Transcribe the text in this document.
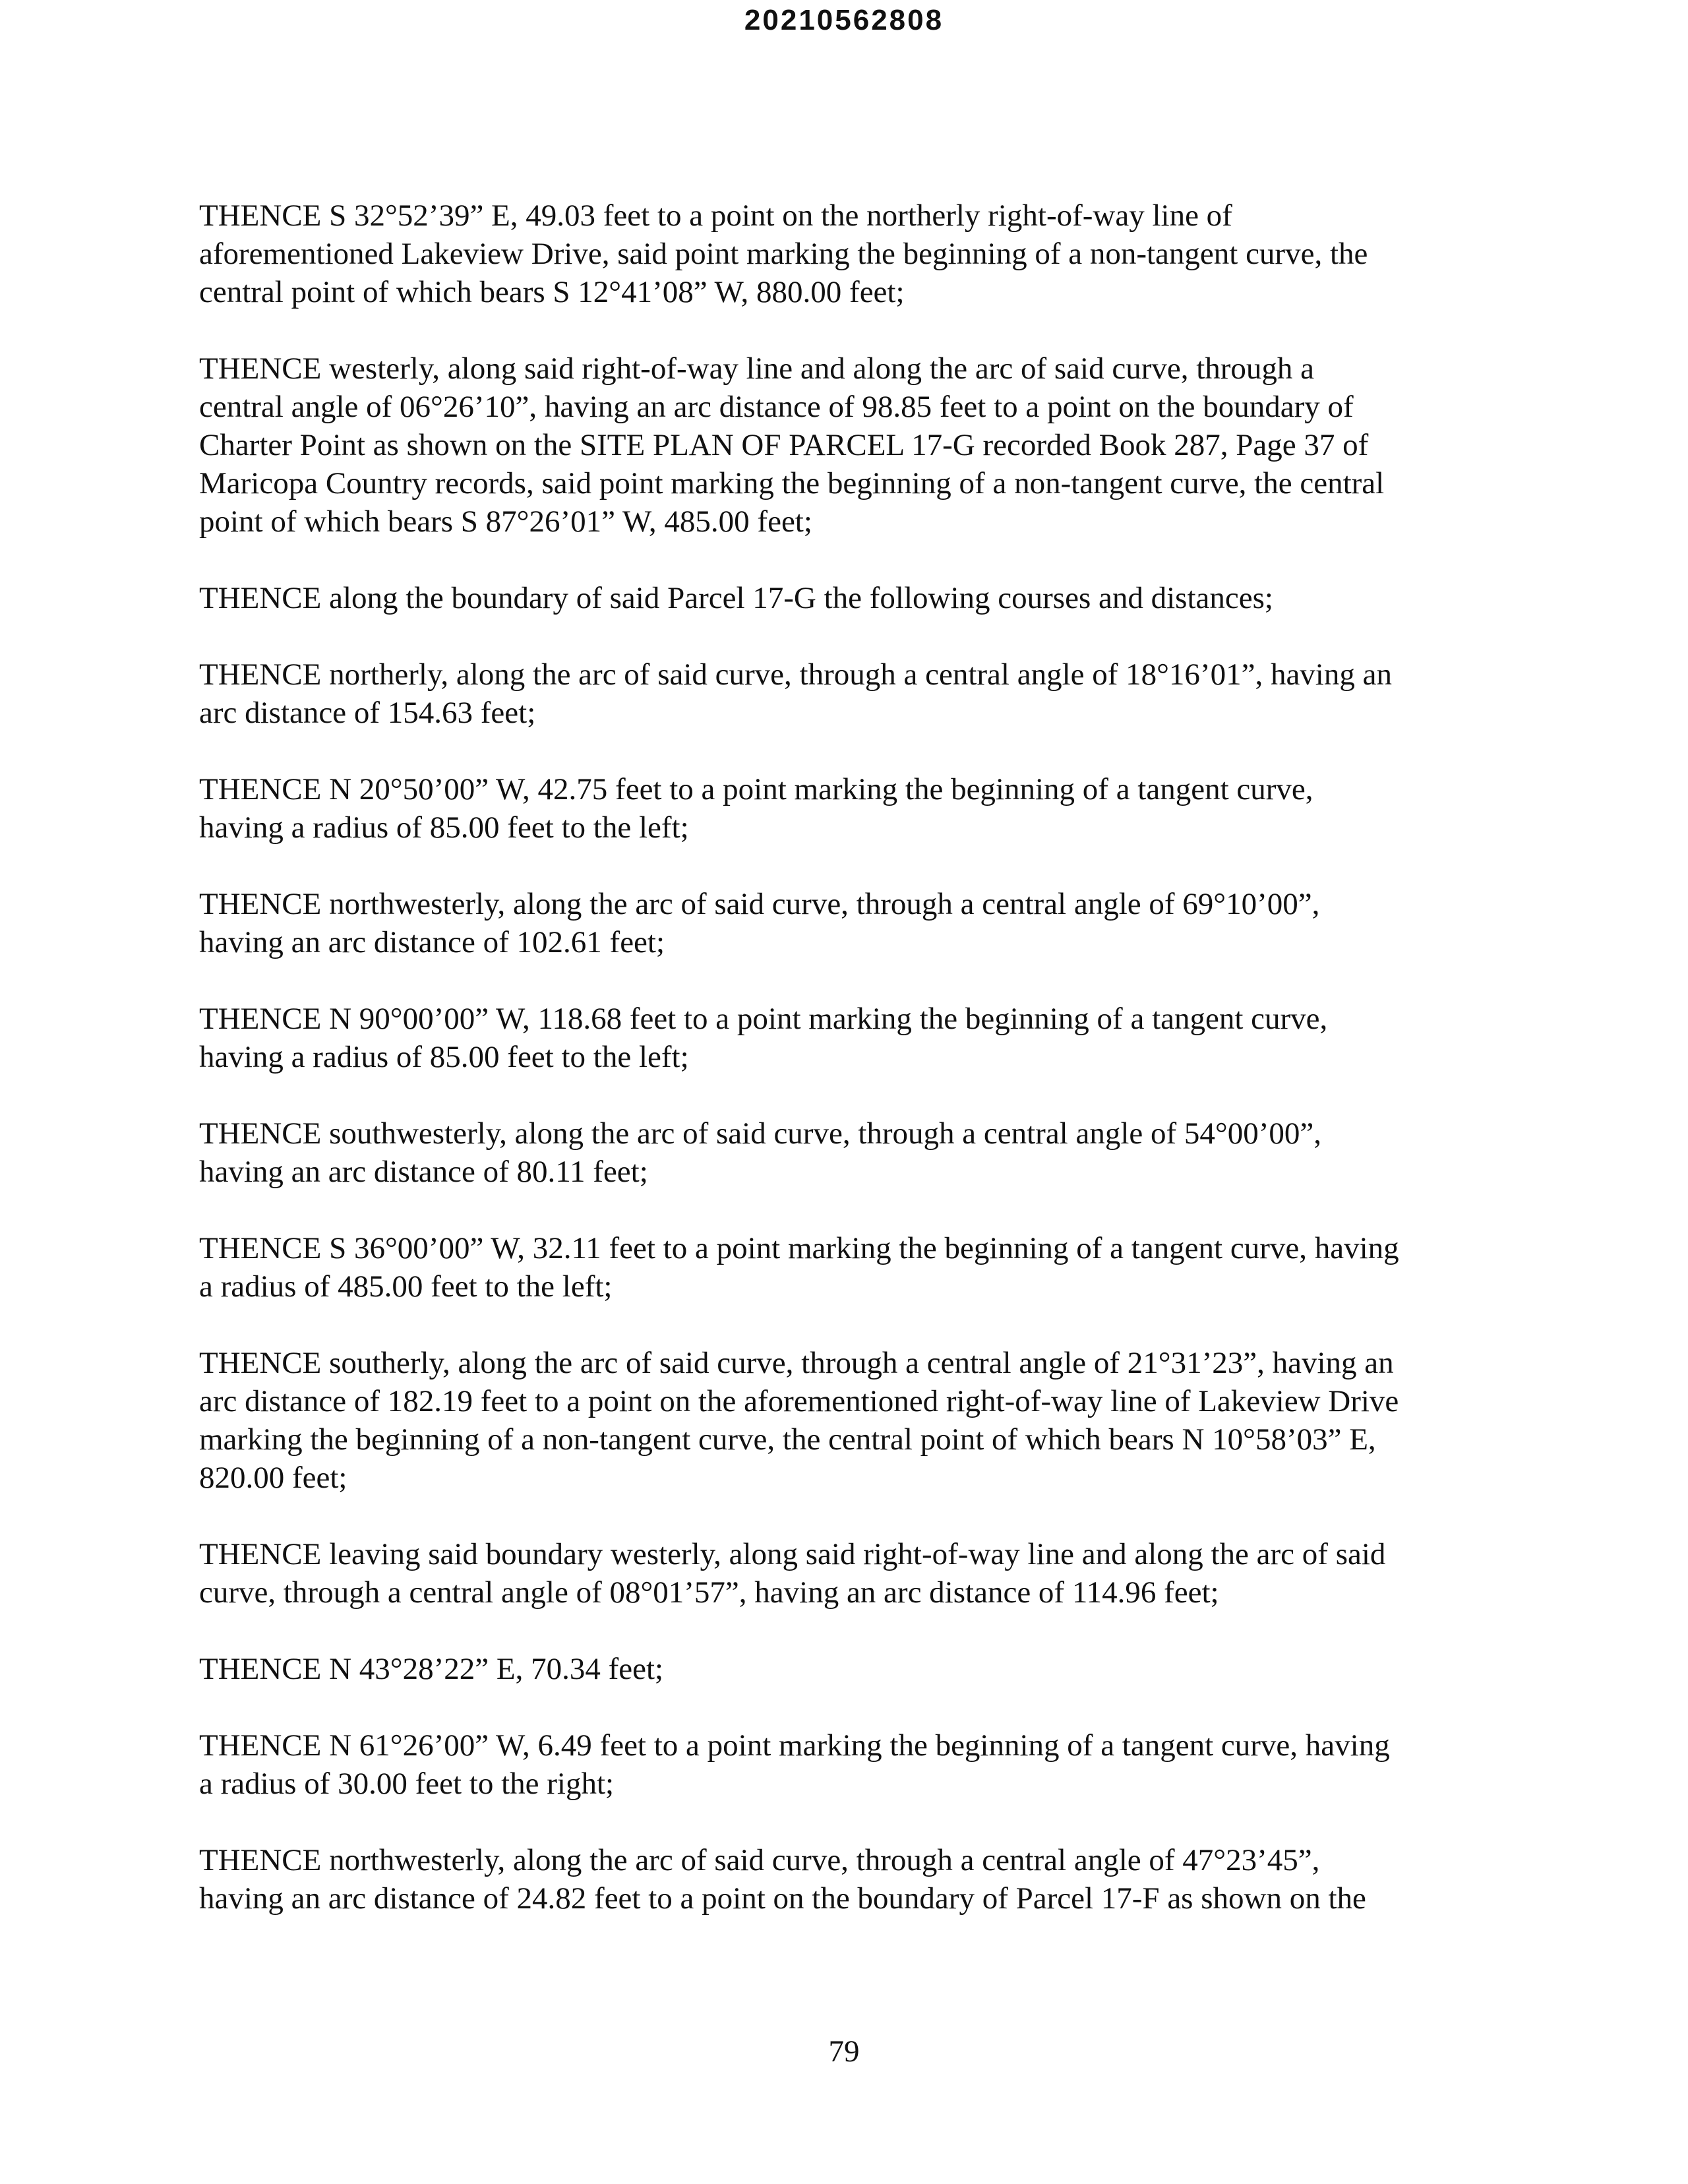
20210562808
THENCE S 32°52’39” E, 49.03 feet to a point on the northerly right-of-way line of
aforementioned Lakeview Drive, said point marking the beginning of a non-tangent curve, the
central point of which bears S 12°41’08” W, 880.00 feet;
THENCE westerly, along said right-of-way line and along the arc of said curve, through a
central angle of 06°26’10”, having an arc distance of 98.85 feet to a point on the boundary of
Charter Point as shown on the SITE PLAN OF PARCEL 17-G recorded Book 287, Page 37 of
Maricopa Country records, said point marking the beginning of a non-tangent curve, the central
point of which bears S 87°26’01” W, 485.00 feet;
THENCE along the boundary of said Parcel 17-G the following courses and distances;
THENCE northerly, along the arc of said curve, through a central angle of 18°16’01”, having an
arc distance of 154.63 feet;
THENCE N 20°50’00” W, 42.75 feet to a point marking the beginning of a tangent curve,
having a radius of 85.00 feet to the left;
THENCE northwesterly, along the arc of said curve, through a central angle of 69°10’00”,
having an arc distance of 102.61 feet;
THENCE N 90°00’00” W, 118.68 feet to a point marking the beginning of a tangent curve,
having a radius of 85.00 feet to the left;
THENCE southwesterly, along the arc of said curve, through a central angle of 54°00’00”,
having an arc distance of 80.11 feet;
THENCE S 36°00’00” W, 32.11 feet to a point marking the beginning of a tangent curve, having
a radius of 485.00 feet to the left;
THENCE southerly, along the arc of said curve, through a central angle of 21°31’23”, having an
arc distance of 182.19 feet to a point on the aforementioned right-of-way line of Lakeview Drive
marking the beginning of a non-tangent curve, the central point of which bears N 10°58’03” E,
820.00 feet;
THENCE leaving said boundary westerly, along said right-of-way line and along the arc of said
curve, through a central angle of 08°01’57”, having an arc distance of 114.96 feet;
THENCE N 43°28’22” E, 70.34 feet;
THENCE N 61°26’00” W, 6.49 feet to a point marking the beginning of a tangent curve, having
a radius of 30.00 feet to the right;
THENCE northwesterly, along the arc of said curve, through a central angle of 47°23’45”,
having an arc distance of 24.82 feet to a point on the boundary of Parcel 17-F as shown on the
79
